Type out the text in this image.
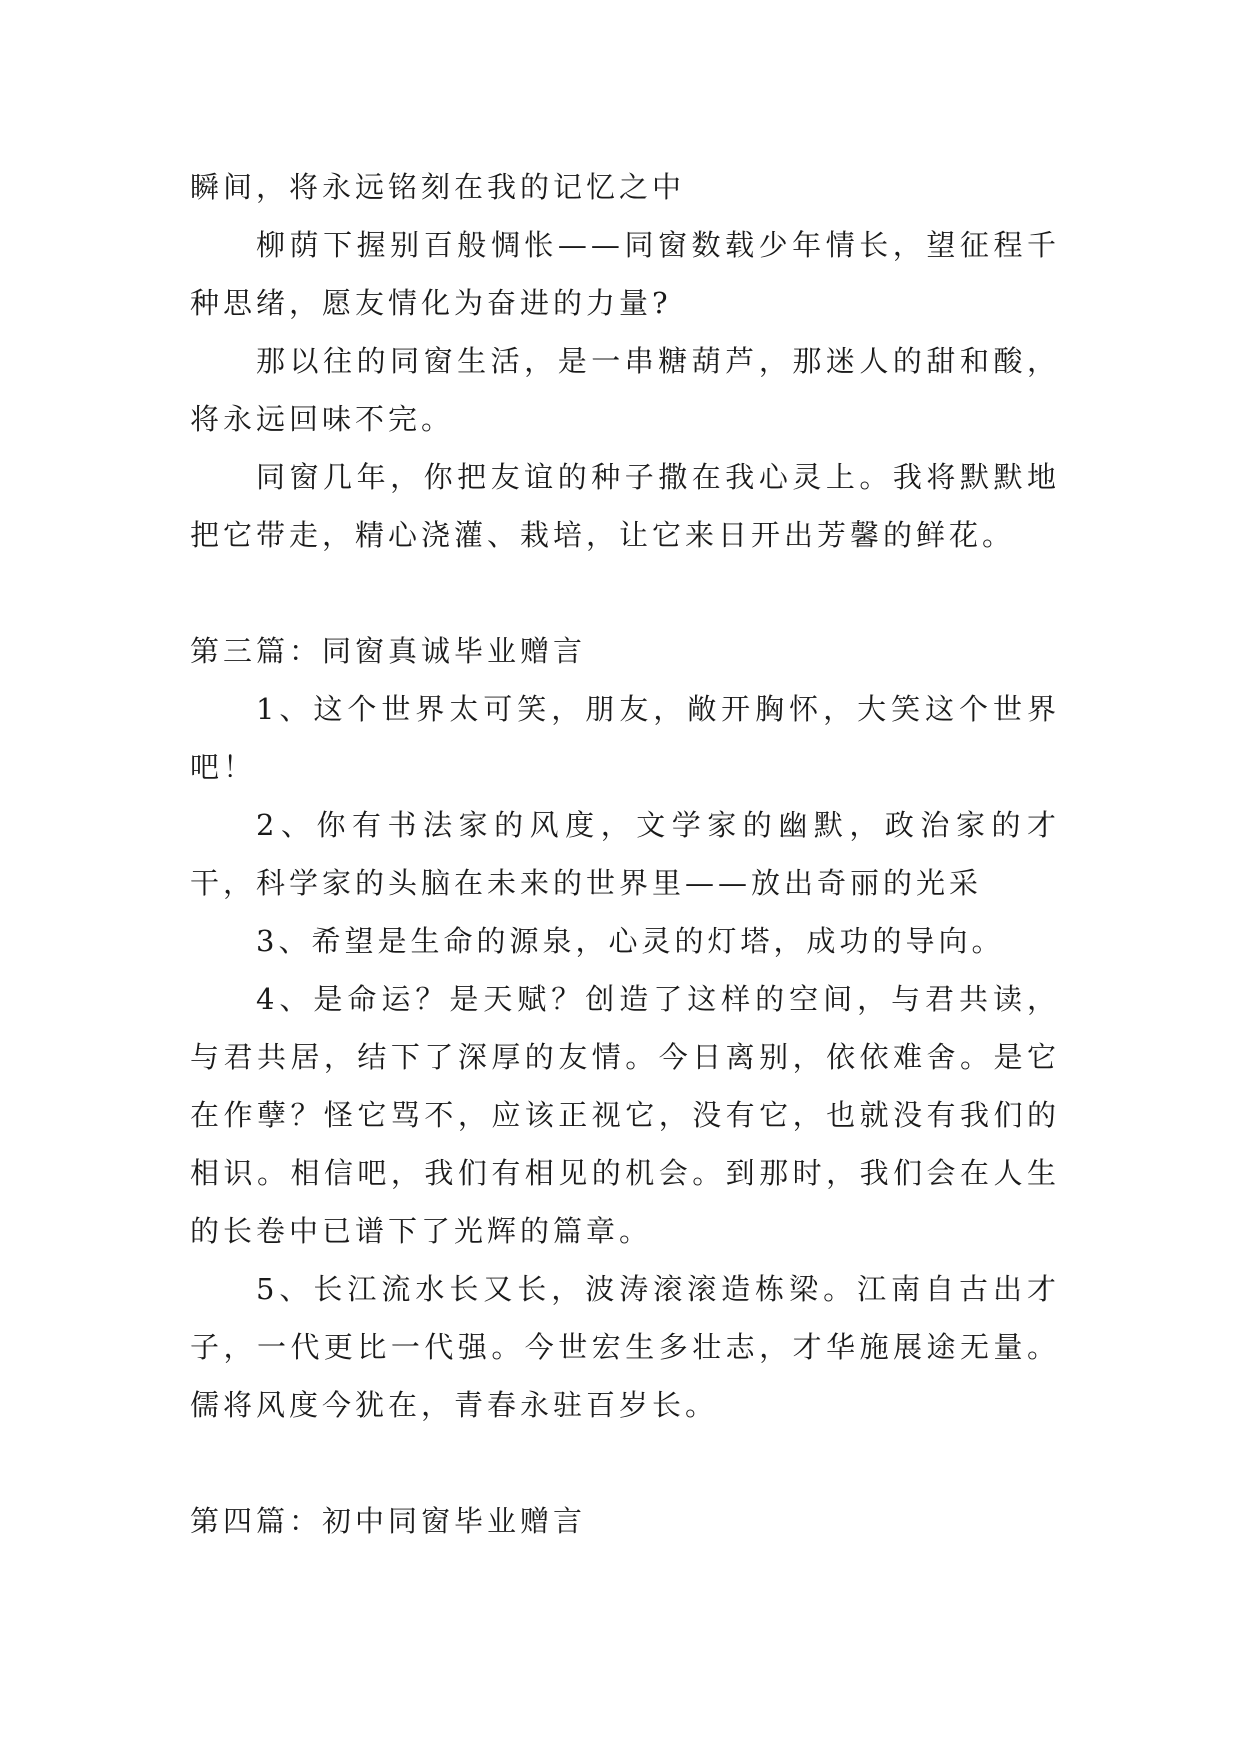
瞬间，将永远铭刻在我的记忆之中

柳荫下握别百般惆怅——同窗数载少年情长，望征程千种思绪，愿友情化为奋进的力量?

那以往的同窗生活，是一串糖葫芦，那迷人的甜和酸，将永远回味不完。

同窗几年，你把友谊的种子撒在我心灵上。我将默默地把它带走，精心浇灌、栽培，让它来日开出芳馨的鲜花。

第三篇：同窗真诚毕业赠言

1、这个世界太可笑，朋友，敞开胸怀，大笑这个世界吧！

2、你有书法家的风度，文学家的幽默，政治家的才干，科学家的头脑在未来的世界里——放出奇丽的光采

3、希望是生命的源泉，心灵的灯塔，成功的导向。

4、是命运？是天赋？创造了这样的空间，与君共读，与君共居，结下了深厚的友情。今日离别，依依难舍。是它在作孽？怪它骂不，应该正视它，没有它，也就没有我们的相识。相信吧，我们有相见的机会。到那时，我们会在人生的长卷中已谱下了光辉的篇章。

5、长江流水长又长，波涛滚滚造栋梁。江南自古出才子，一代更比一代强。今世宏生多壮志，才华施展途无量。儒将风度今犹在，青春永驻百岁长。

第四篇：初中同窗毕业赠言
